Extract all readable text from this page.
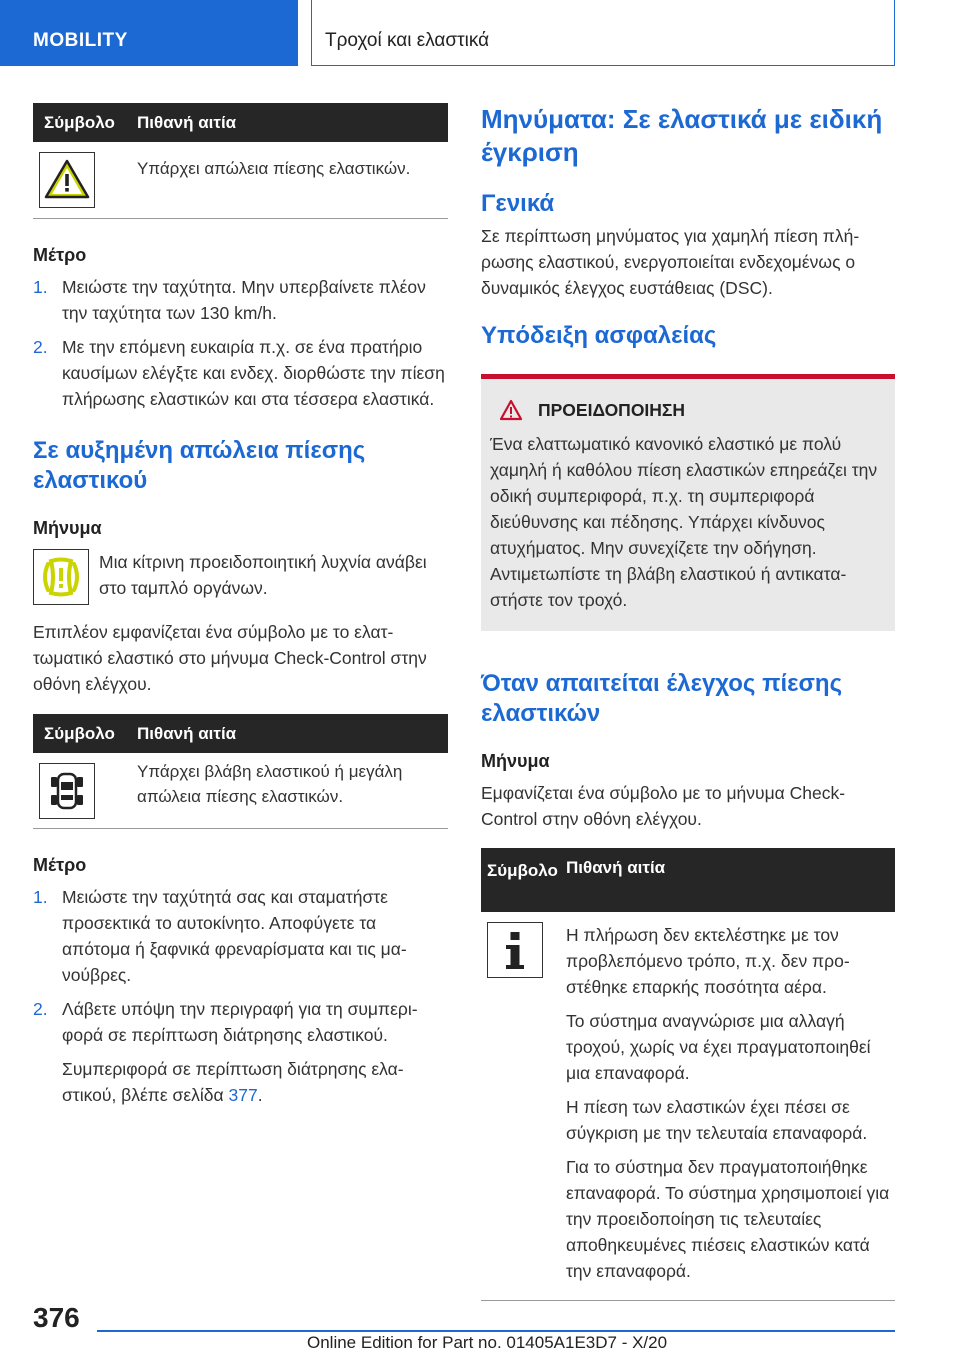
MOBILITY	Τροχοί και ελαστικά
Σύμβολο	Πιθανή αιτία
Υπάρχει απώλεια πίεσης ελαστικών.
Μέτρο
1. Μειώστε την ταχύτητα. Μην υπερβαίνετε πλέον την ταχύτητα των 130 km/h.
2. Με την επόμενη ευκαιρία π.χ. σε ένα πρατήριο καυσίμων ελέγξτε και ενδεχ. διορθώστε την πίεση πλήρωσης ελαστικών και στα τέσσερα ελαστικά.
Σε αυξημένη απώλεια πίεσης ελαστικού
Μήνυμα
Μια κίτρινη προειδοποιητική λυχνία ανάβει στο ταμπλό οργάνων.
Επιπλέον εμφανίζεται ένα σύμβολο με το ελαττωματικό ελαστικό στο μήνυμα Check-Control στην οθόνη ελέγχου.
Σύμβολο	Πιθανή αιτία
Υπάρχει βλάβη ελαστικού ή μεγάλη απώλεια πίεσης ελαστικών.
Μέτρο
1. Μειώστε την ταχύτητά σας και σταματήστε προσεκτικά το αυτοκίνητο. Αποφύγετε τα απότομα ή ξαφνικά φρεναρίσματα και τις μανούβρες.
2. Λάβετε υπόψη την περιγραφή για τη συμπεριφορά σε περίπτωση διάτρησης ελαστικού.
Συμπεριφορά σε περίπτωση διάτρησης ελαστικού, βλέπε σελίδα 377.
Μηνύματα: Σε ελαστικά με ειδική έγκριση
Γενικά
Σε περίπτωση μηνύματος για χαμηλή πίεση πλήρωσης ελαστικού, ενεργοποιείται ενδεχομένως ο δυναμικός έλεγχος ευστάθειας (DSC).
Υπόδειξη ασφαλείας
ΠΡΟΕΙΔΟΠΟΙΗΣΗ
Ένα ελαττωματικό κανονικό ελαστικό με πολύ χαμηλή ή καθόλου πίεση ελαστικών επηρεάζει την οδική συμπεριφορά, π.χ. τη συμπεριφορά διεύθυνσης και πέδησης. Υπάρχει κίνδυνος ατυχήματος. Μην συνεχίζετε την οδήγηση. Αντιμετωπίστε τη βλάβη ελαστικού ή αντικαταστήστε τον τροχό.
Όταν απαιτείται έλεγχος πίεσης ελαστικών
Μήνυμα
Εμφανίζεται ένα σύμβολο με το μήνυμα Check-Control στην οθόνη ελέγχου.
Σύμβολο Πιθανή αιτία

Η πλήρωση δεν εκτελέστηκε με τον προβλεπόμενο τρόπο, π.χ. δεν προστέθηκε επαρκής ποσότητα αέρα.

Το σύστημα αναγνώρισε μια αλλαγή τροχού, χωρίς να έχει πραγματοποιηθεί μια επαναφορά.

Η πίεση των ελαστικών έχει πέσει σε σύγκριση με την τελευταία επαναφορά.

Για το σύστημα δεν πραγματοποιήθηκε επαναφορά. Το σύστημα χρησιμοποιεί για την προειδοποίηση τις τελευταίες αποθηκευμένες πιέσεις ελαστικών κατά την επαναφορά.

376
Online Edition for Part no. 01405A1E3D7 - X/20
